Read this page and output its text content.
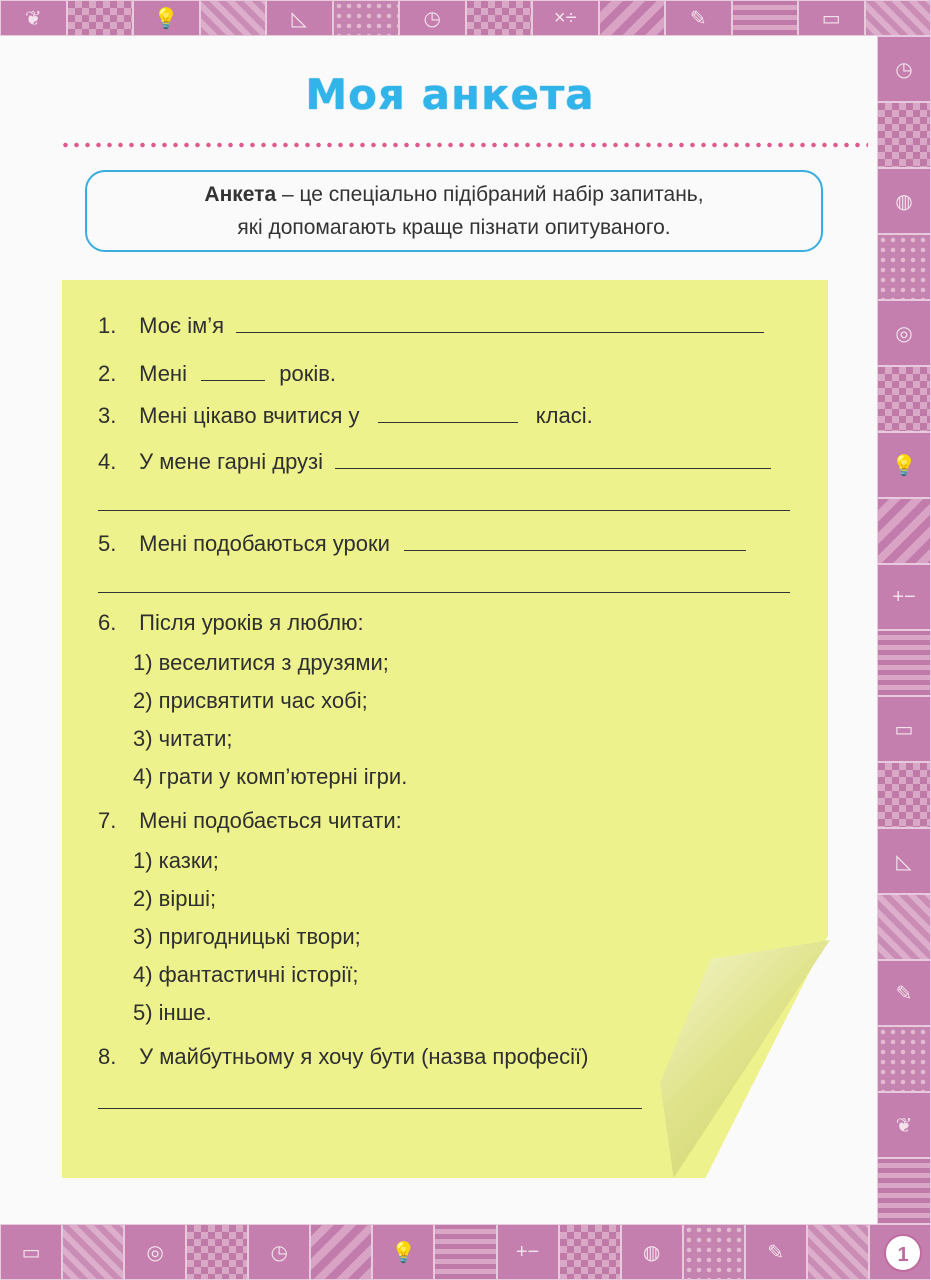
❦	💡	◺	◷	×÷	✎	▭
◷
◍
◎
💡
+−
▭
◺
✎
❦
▭	◎	◷	💡	+−	◍	✎
Моя анкета
Анкета – це спеціально підібраний набір запитань,
які допомагають краще пізнати опитуваного.
1. Моє ім’я
2. Мені	років.
3. Мені цікаво вчитися у	класі.
4. У мене гарні друзі
5. Мені подобаються уроки
6. Після уроків я люблю:
1) веселитися з друзями;
2) присвятити час хобі;
3) читати;
4) грати у комп’ютерні ігри.
7. Мені подобається читати:
1) казки;
2) вірші;
3) пригодницькі твори;
4) фантастичні історії;
5) інше.
8. У майбутньому я хочу бути (назва професії)
1
